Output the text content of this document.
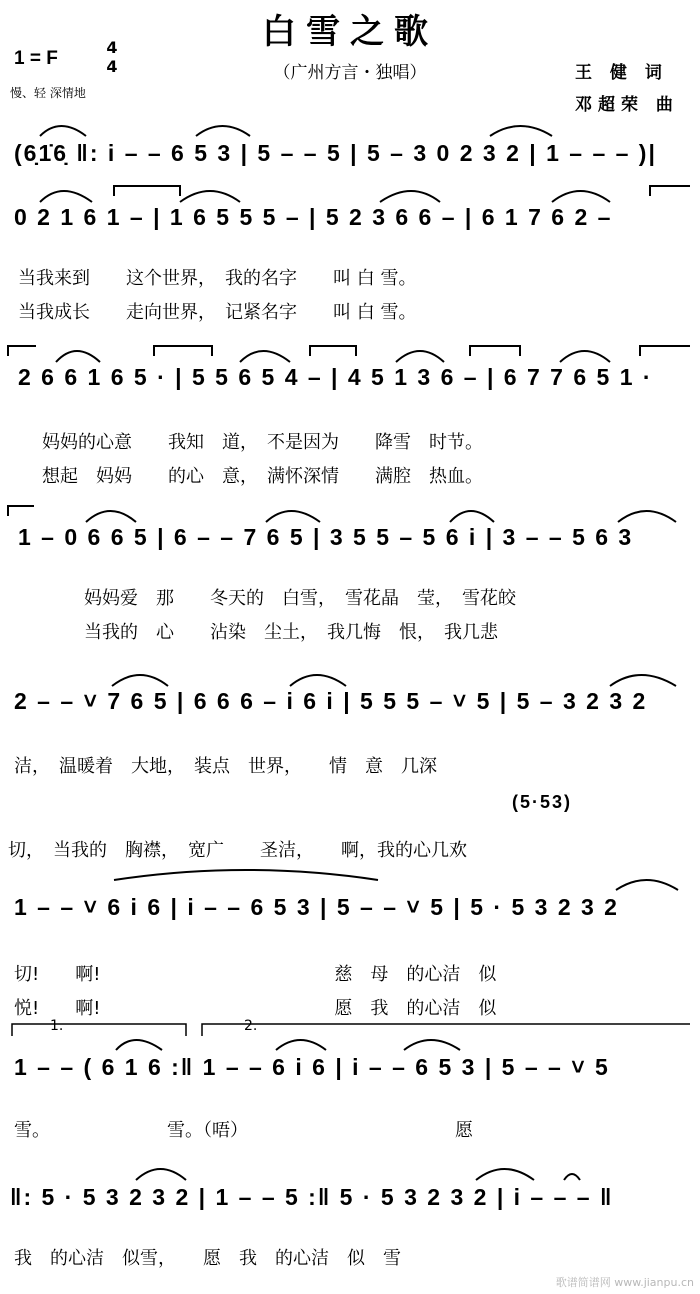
白雪之歌
（广州方言・独唱）
1 = F
4
4
慢、轻 深情地
王 健 词
邓超荣 曲
(6̣1̇6̣ ‖: i – – 6 5 3 | 5 – – 5 | 5 – 3 0 2 3 2 | 1 – – – )|
0 2 1 6 1 – | 1 6 5 5 5 – | 5 2 3 6 6 – | 6 1 7 6 2 –
当我来到　　这个世界，　我的名字　　叫 白 雪。
当我成长　　走向世界，　记紧名字　　叫 白 雪。
2 6 6 1 6 5 · | 5 5 6 5 4 – | 4 5 1 3 6 – | 6 7 7 6 5 1 ·
妈妈的心意　　我知　道，　不是因为　　降雪　时节。
想起　妈妈　　的心　意，　满怀深情　　满腔　热血。
1 – 0 6 6 5 | 6 – – 7 6 5 | 3 5 5 – 5 6 i | 3 – – 5 6 3
妈妈爱　那　　冬天的　白雪，　雪花晶　莹，　雪花皎
当我的　心　　沾染　尘土，　我几悔　恨，　我几悲
2 – – ˅ 7 6 5 | 6 6 6 – i 6 i | 5 5 5 – ˅ 5 | 5 – 3 2 3 2
洁，　温暖着　大地，　装点　世界，　　情　意　几深
(5·53)
切，　当我的　胸襟，　宽广　　圣洁，　　啊，我的心几欢
1 – – ˅ 6 i 6 | i – – 6 5 3 | 5 – – ˅ 5 | 5 · 5 3 2 3 2
切!　　啊!　　　　　　　　　　　　　慈　母　的心洁　似
悦!　　啊!　　　　　　　　　　　　　愿　我　的心洁　似
1.	2.
1 – – ( 6 1 6 :‖ 1 – – 6 i 6 | i – – 6 5 3 | 5 – – ˅ 5
雪。　　　　　　　雪。（唔）　　　　　　　　　　　　愿
‖: 5 · 5 3 2 3 2 | 1 – – 5 :‖ 5 · 5 3 2 3 2 | i – – – ‖
我　的心洁　似雪，　　愿　我　的心洁　似　雪
歌谱简谱网 www.jianpu.cn
